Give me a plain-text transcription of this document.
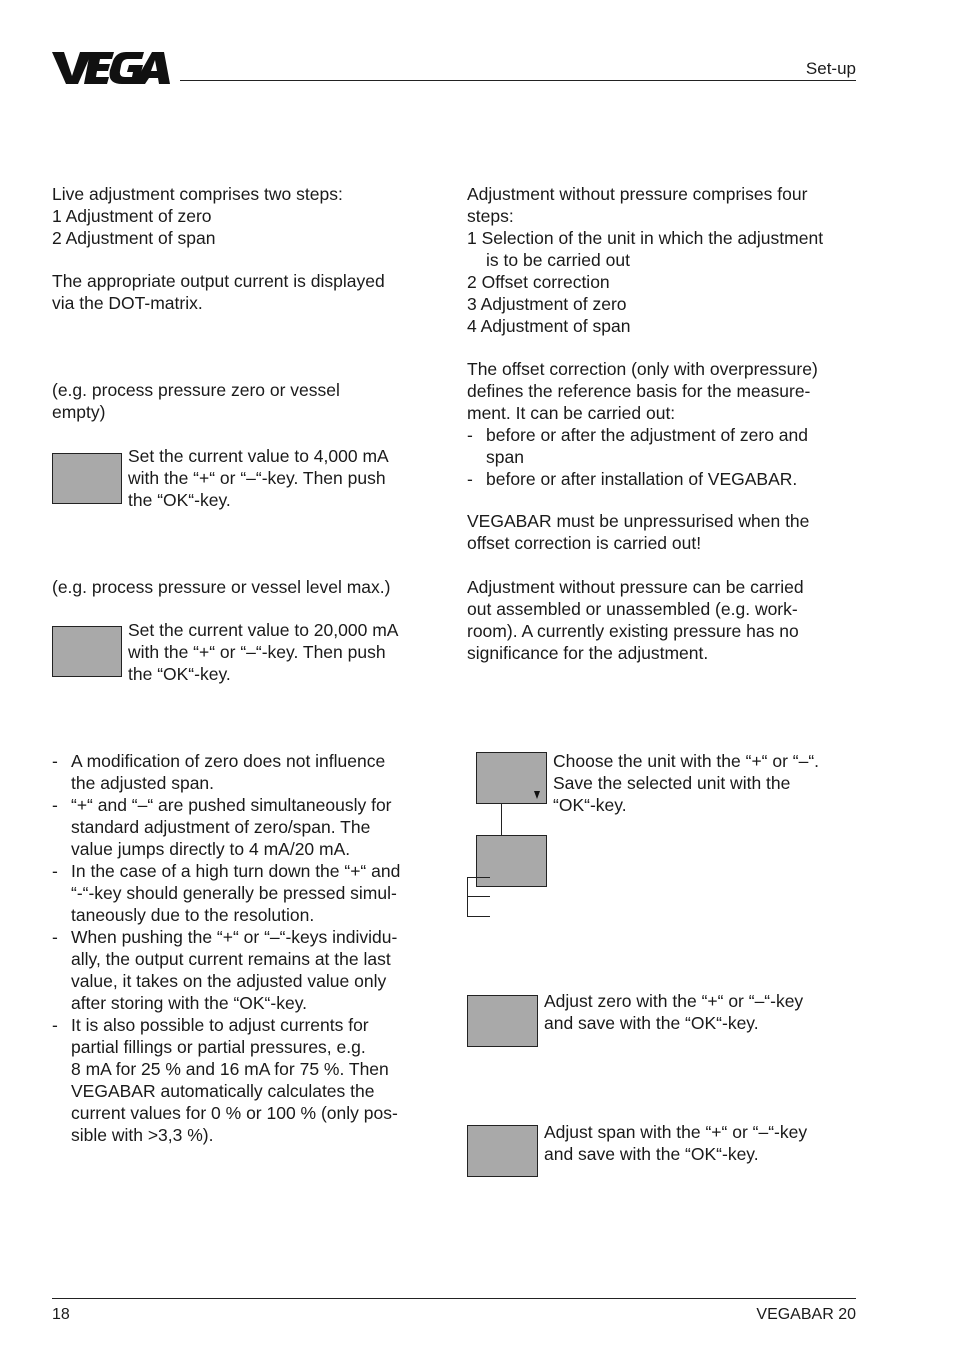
Set-up

Live adjustment comprises two steps:

1 Adjustment of zero

2 Adjustment of span

The appropriate output current is displayed

via the DOT-matrix.

(e.g. process pressure zero or vessel

empty)

Set the current value to 4,000 mA

with the “+“ or “–“-key. Then push

the “OK“-key.

(e.g. process pressure or vessel level max.)

Set the current value to 20,000 mA

with the “+“ or “–“-key. Then push

the “OK“-key.

- A modification of zero does not influence
the adjusted span.
- “+“ and “–“ are pushed simultaneously for
standard adjustment of zero/span. The
value jumps directly to 4 mA/20 mA.
- In the case of a high turn down the “+“ and
“-“-key should generally be pressed simul-
taneously due to the resolution.
- When pushing the “+“ or “–“-keys individu-
ally, the output current remains at the last
value, it takes on the adjusted value only
after storing with the “OK“-key.
- It is also possible to adjust currents for
partial fillings or partial pressures, e.g.
8 mA for 25 % and 16 mA for 75 %. Then
VEGABAR automatically calculates the
current values for 0 % or 100 % (only pos-
sible with >3,3 %).
Adjustment without pressure comprises four
steps:
1 Selection of the unit in which the adjustment
is to be carried out
2 Offset correction
3 Adjustment of zero
4 Adjustment of span
The offset correction (only with overpressure)
defines the reference basis for the measure-
ment. It can be carried out:
- before or after the adjustment of zero and
span
- before or after installation of VEGABAR.
VEGABAR must be unpressurised when the
offset correction is carried out!
Adjustment without pressure can be carried
out assembled or unassembled (e.g. work-
room). A currently existing pressure has no
significance for the adjustment.
Choose the unit with the “+“ or “–“.
Save the selected unit with the
“OK“-key.
Adjust zero with the “+“ or “–“-key
and save with the “OK“-key.
Adjust span with the “+“ or “–“-key
and save with the “OK“-key.
18	VEGABAR 20
